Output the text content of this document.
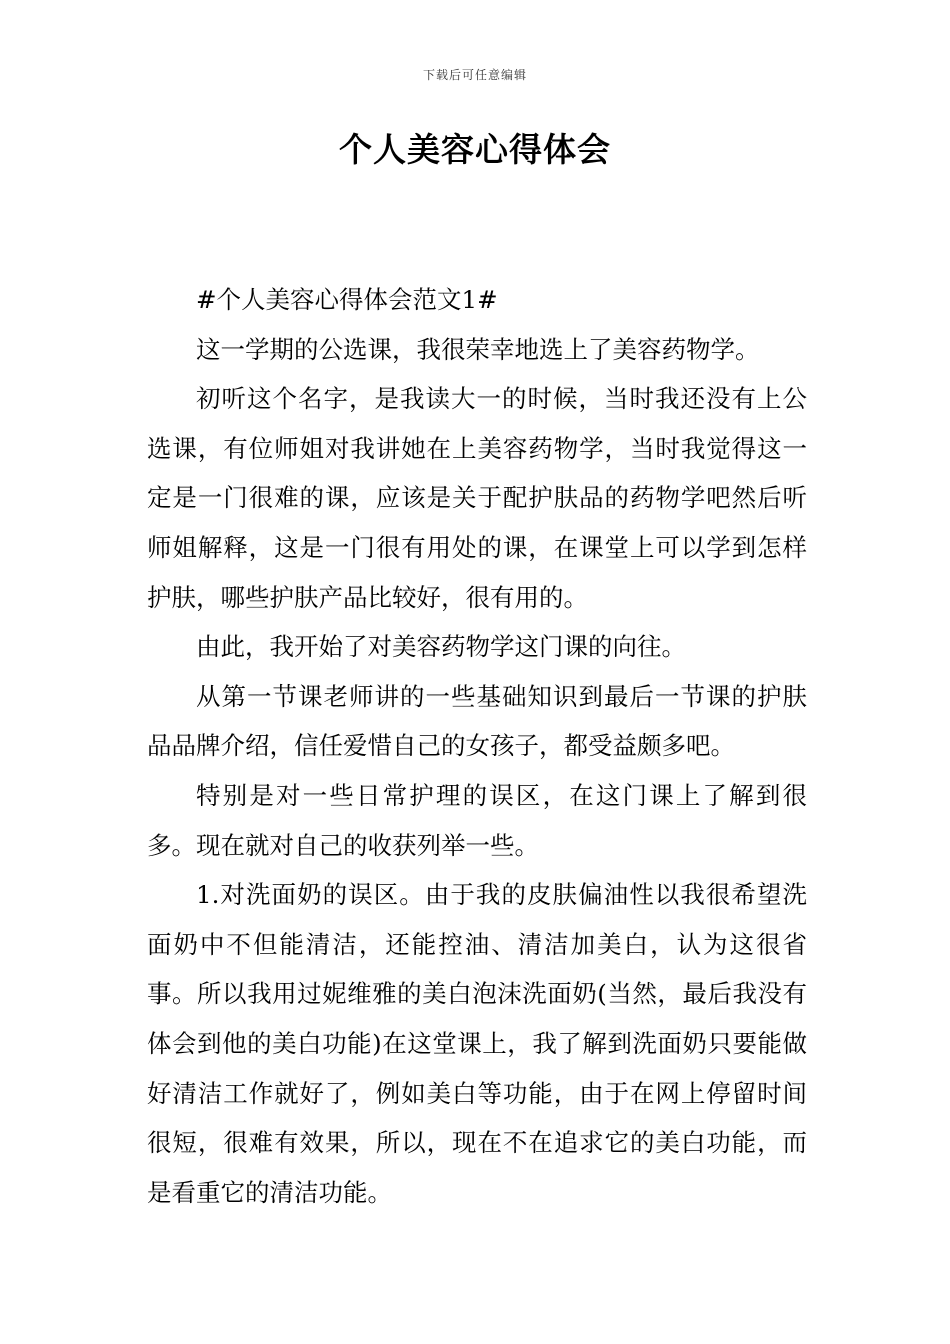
下载后可任意编辑
个人美容心得体会

#个人美容心得体会范文1#

这一学期的公选课，我很荣幸地选上了美容药物学。

初听这个名字，是我读大一的时候，当时我还没有上公选课，有位师姐对我讲她在上美容药物学，当时我觉得这一定是一门很难的课，应该是关于配护肤品的药物学吧然后听师姐解释，这是一门很有用处的课，在课堂上可以学到怎样护肤，哪些护肤产品比较好，很有用的。

由此，我开始了对美容药物学这门课的向往。

从第一节课老师讲的一些基础知识到最后一节课的护肤品品牌介绍，信任爱惜自己的女孩子，都受益颇多吧。

特别是对一些日常护理的误区，在这门课上了解到很多。现在就对自己的收获列举一些。

1.对洗面奶的误区。由于我的皮肤偏油性以我很希望洗面奶中不但能清洁，还能控油、清洁加美白，认为这很省事。所以我用过妮维雅的美白泡沫洗面奶(当然，最后我没有体会到他的美白功能)在这堂课上，我了解到洗面奶只要能做好清洁工作就好了，例如美白等功能，由于在网上停留时间很短，很难有效果，所以，现在不在追求它的美白功能，而是看重它的清洁功能。
